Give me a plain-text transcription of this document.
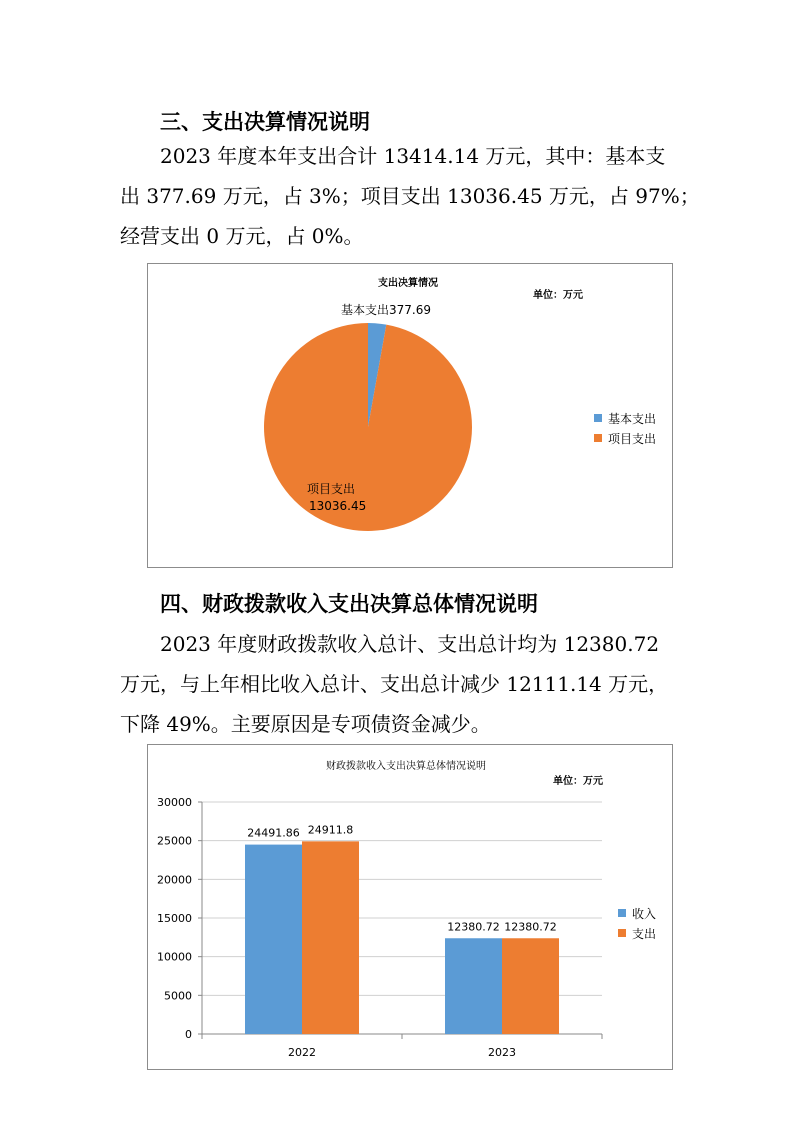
三、支出决算情况说明

2023 年度本年支出合计 13414.14 万元，其中：基本支
出 377.69 万元，占 3%；项目支出 13036.45 万元，占 97%；
经营支出 0 万元，占 0%。

支出决算情况
单位：万元
基本支出377.69
项目支出
13036.45
基本支出
项目支出
四、财政拨款收入支出决算总体情况说明

2023 年度财政拨款收入总计、支出总计均为 12380.72
万元，与上年相比收入总计、支出总计减少 12111.14 万元，
下降 49%。主要原因是专项债资金减少。

财政拨款收入支出决算总体情况说明
单位：万元
0
5000
10000
15000
20000
25000
30000
24491.86 24911.8
2022
12380.72 12380.72
2023
收入
支出
